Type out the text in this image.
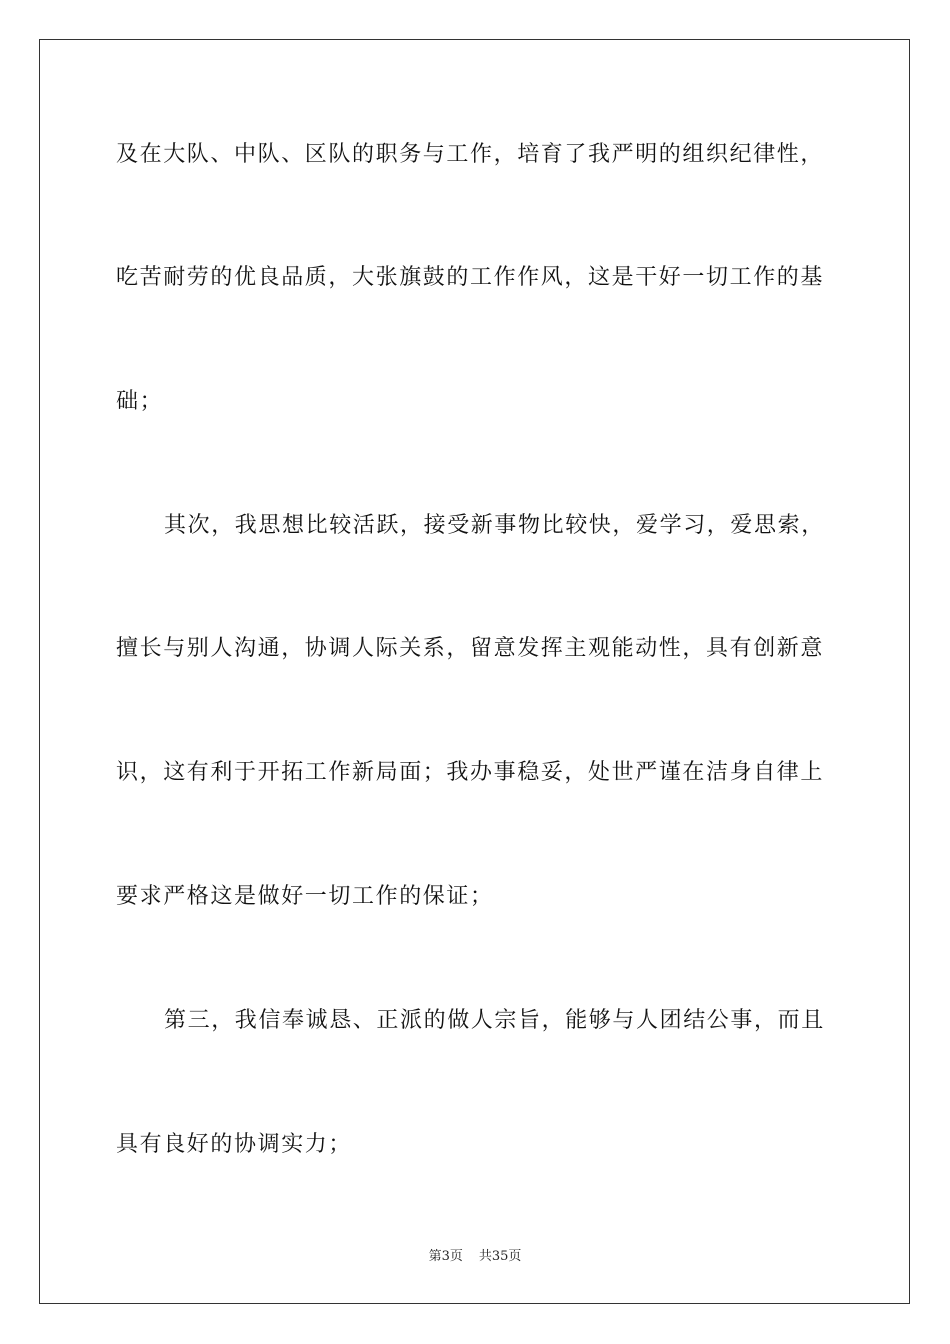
及在大队、中队、区队的职务与工作，培育了我严明的组织纪律性，
吃苦耐劳的优良品质，大张旗鼓的工作作风，这是干好一切工作的基
础；
其次，我思想比较活跃，接受新事物比较快，爱学习，爱思索，
擅长与别人沟通，协调人际关系，留意发挥主观能动性，具有创新意
识，这有利于开拓工作新局面；我办事稳妥，处世严谨在洁身自律上
要求严格这是做好一切工作的保证；
第三，我信奉诚恳、正派的做人宗旨，能够与人团结公事，而且
具有良好的协调实力；
第3页 共35页
